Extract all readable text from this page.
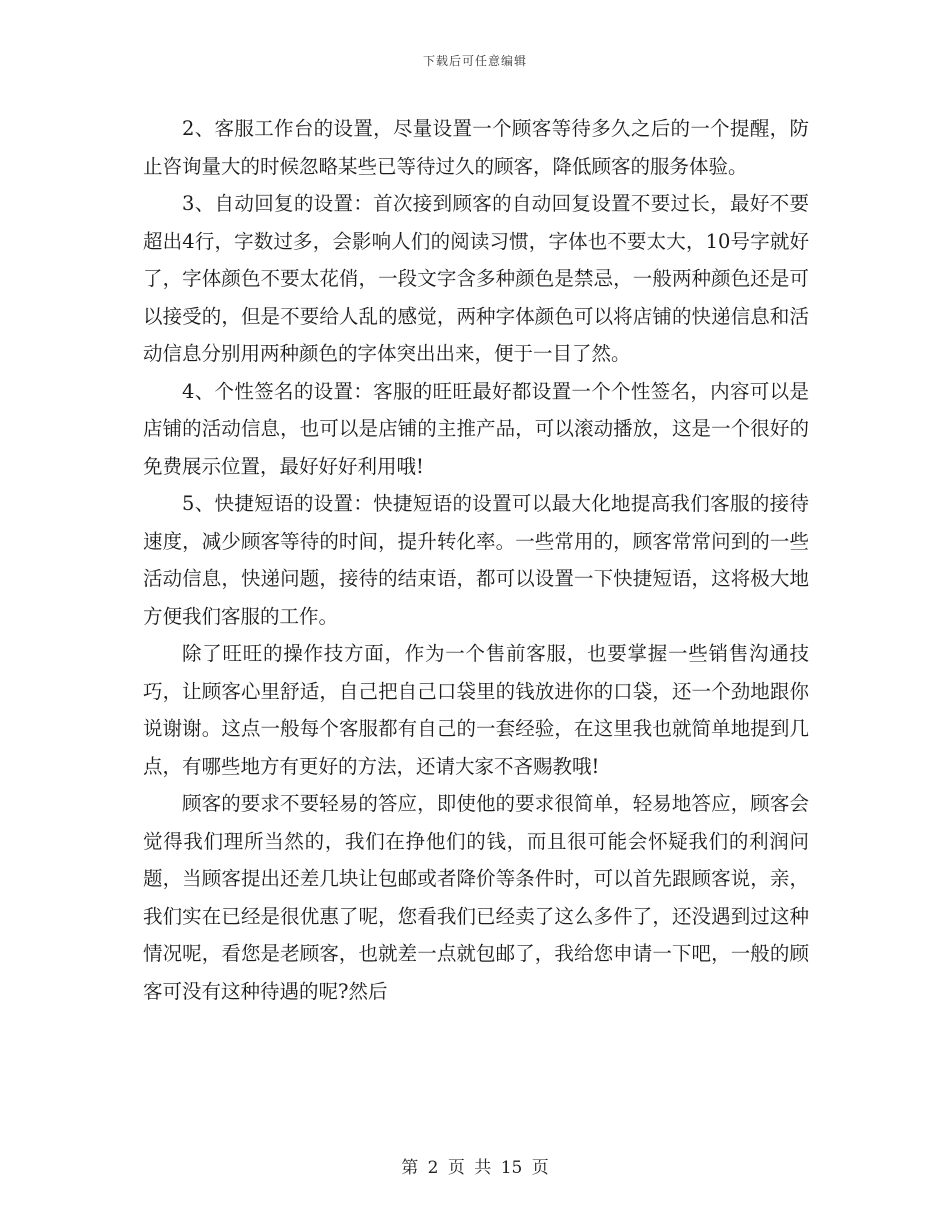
下载后可任意编辑

2、客服工作台的设置，尽量设置一个顾客等待多久之后的一个提醒，防止咨询量大的时候忽略某些已等待过久的顾客，降低顾客的服务体验。

3、自动回复的设置：首次接到顾客的自动回复设置不要过长，最好不要超出4行，字数过多，会影响人们的阅读习惯，字体也不要太大，10号字就好了，字体颜色不要太花俏，一段文字含多种颜色是禁忌，一般两种颜色还是可以接受的，但是不要给人乱的感觉，两种字体颜色可以将店铺的快递信息和活动信息分别用两种颜色的字体突出出来，便于一目了然。

4、个性签名的设置：客服的旺旺最好都设置一个个性签名，内容可以是店铺的活动信息，也可以是店铺的主推产品，可以滚动播放，这是一个很好的免费展示位置，最好好好利用哦!

5、快捷短语的设置：快捷短语的设置可以最大化地提高我们客服的接待速度，减少顾客等待的时间，提升转化率。一些常用的，顾客常常问到的一些活动信息，快递问题，接待的结束语，都可以设置一下快捷短语，这将极大地方便我们客服的工作。

除了旺旺的操作技方面，作为一个售前客服，也要掌握一些销售沟通技巧，让顾客心里舒适，自己把自己口袋里的钱放进你的口袋，还一个劲地跟你说谢谢。这点一般每个客服都有自己的一套经验，在这里我也就简单地提到几点，有哪些地方有更好的方法，还请大家不吝赐教哦!

顾客的要求不要轻易的答应，即使他的要求很简单，轻易地答应，顾客会觉得我们理所当然的，我们在挣他们的钱，而且很可能会怀疑我们的利润问题，当顾客提出还差几块让包邮或者降价等条件时，可以首先跟顾客说，亲，我们实在已经是很优惠了呢，您看我们已经卖了这么多件了，还没遇到过这种情况呢，看您是老顾客，也就差一点就包邮了，我给您申请一下吧，一般的顾客可没有这种待遇的呢?然后

第 2 页 共 15 页
